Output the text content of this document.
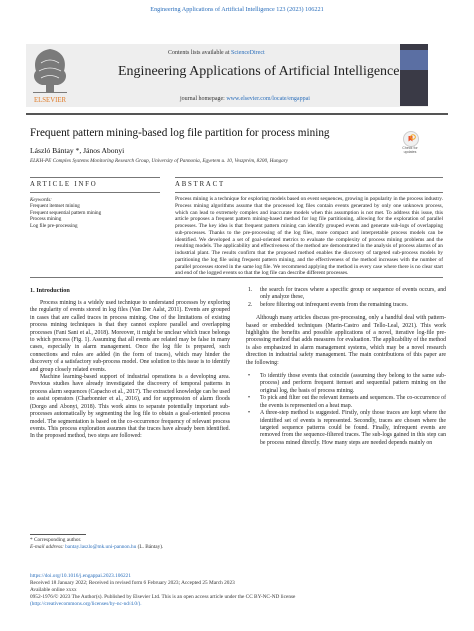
Engineering Applications of Artificial Intelligence 123 (2023) 106221
ELSEVIER
Contents lists available at ScienceDirect
Engineering Applications of Artificial Intelligence
journal homepage: www.elsevier.com/locate/engappai
Frequent pattern mining-based log file partition for process mining
Check for
updates
László Bántay *, János Abonyi
ELKH-PE Complex Systems Monitoring Research Group, University of Pannonia, Egyetem u. 10, Veszprém, 8200, Hungary
ARTICLE INFO	ABSTRACT
Keywords:
Frequent itemset mining
Frequent sequential pattern mining
Process mining
Log file pre-processing
Process mining is a technique for exploring models based on event sequences, growing in popularity in the process industry. Process mining algorithms assume that the processed log files contain events generated by only one unknown process, which can lead to extremely complex and inaccurate models when this assumption is not met. To address this issue, this article proposes a frequent pattern mining-based method for log file partitioning, allowing for the exploration of parallel processes. The key idea is that frequent pattern mining can identify grouped events and generate sub-logs of overlapping sub-processes. Thanks to the pre-processing of the log files, more compact and interpretable process models can be identified. We developed a set of goal-oriented metrics to evaluate the complexity of process mining problems and the resulting models. The applicability and effectiveness of the method are demonstrated in the analysis of process alarms of an industrial plant. The results confirm that the proposed method enables the discovery of targeted sub-process models by partitioning the log file using frequent pattern mining, and the effectiveness of the method increases with the number of parallel processes stored in the same log file. We recommend applying the method in every case where there is no clear start and end of the logged events so that the log file can describe different processes.
1. Introduction

Process mining is a widely used technique to understand processes by exploring the regularity of events stored in log files (Van Der Aalst, 2011). Events are grouped in cases that are called traces in process mining. One of the limitations of existing process mining techniques is that they cannot explore parallel and overlapping processes (Fani Sani et al., 2018). Moreover, it might be unclear which trace belongs to which process (Fig. 1). Assuming that all events are related may be false in many cases, especially in alarm management. Once the log file is prepared, such connections and rules are added (in the form of traces), which may hinder the discovery of a satisfactory sub-process model. One solution to this issue is to identify and group closely related events.

Machine learning-based support of industrial operations is a developing area. Previous studies have already investigated the discovery of temporal patterns in process alarm sequences (Capacho et al., 2017). The extracted knowledge can be used to assist operators (Charbonnier et al., 2016), and for suppression of alarm floods (Dorgo and Abonyi, 2018). This work aims to separate potentially important sub-processes automatically by segmenting the log file to obtain a goal-oriented process model. The segmentation is based on the co-occurrence frequency of relevant process events. This process exploration assumes that the traces have already been identified. In the proposed method, two steps are followed:

1. the search for traces where a specific group or sequence of events occurs, and only analyze these,
2. before filtering out infrequent events from the remaining traces.

Although many articles discuss pre-processing, only a handful deal with pattern-based or embedded techniques (Marin-Castro and Tello-Leal, 2021). This work highlights the benefits and possible applications of a novel, iterative log-file pre-processing method that adds measures for evaluation. The applicability of the method is also emphasized in alarm management systems, which may be a novel research direction in industrial safety management. The main contributions of this paper are the following:

• To identify those events that coincide (assuming they belong to the same sub-process) and perform frequent itemset and sequential pattern mining on the original log, the basis of process mining.
• To pick and filter out the relevant itemsets and sequences. The co-occurrence of the events is represented on a heat map.
• A three-step method is suggested. Firstly, only those traces are kept where the identified set of events is represented. Secondly, traces are chosen where the targeted sequence patterns could be found. Finally, infrequent events are removed from the sequence-filtered traces. The sub-logs gained in this step can be process mined directly. How many steps are needed depends mainly on
* Corresponding author.
E-mail address: bantay.laszlo@mk.uni-pannon.hu (L. Bántay).
https://doi.org/10.1016/j.engappai.2023.106221
Received 18 January 2022; Received in revised form 6 February 2023; Accepted 25 March 2023
Available online xxxx
0952-1976/© 2023 The Author(s). Published by Elsevier Ltd. This is an open access article under the CC BY-NC-ND license
(http://creativecommons.org/licenses/by-nc-nd/4.0/).
